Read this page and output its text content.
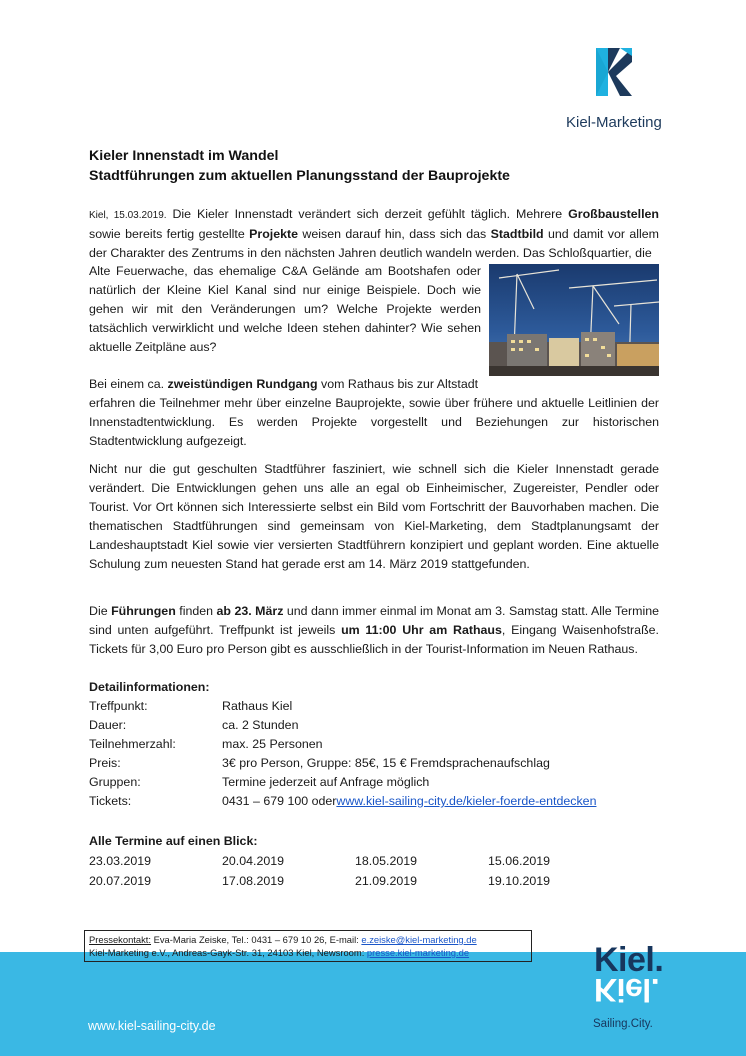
Kiel-Marketing
Kieler Innenstadt im Wandel
Stadtführungen zum aktuellen Planungsstand der Bauprojekte
Kiel, 15.03.2019. Die Kieler Innenstadt verändert sich derzeit gefühlt täglich. Mehrere Großbaustellen sowie bereits fertig gestellte Projekte weisen darauf hin, dass sich das Stadtbild und damit vor allem der Charakter des Zentrums in den nächsten Jahren deutlich wandeln werden. Das Schloßquartier, die
Alte Feuerwache, das ehemalige C&A Gelände am Bootshafen oder natürlich der Kleine Kiel Kanal sind nur einige Beispiele. Doch wie gehen wir mit den Veränderungen um? Welche Projekte werden tatsächlich verwirklicht und welche Ideen stehen dahinter? Wie sehen aktuelle Zeitpläne aus?
Bei einem ca. zweistündigen Rundgang vom Rathaus bis zur Altstadt
erfahren die Teilnehmer mehr über einzelne Bauprojekte, sowie über frühere und aktuelle Leitlinien der Innenstadtentwicklung. Es werden Projekte vorgestellt und Beziehungen zur historischen Stadtentwicklung aufgezeigt.
Nicht nur die gut geschulten Stadtführer fasziniert, wie schnell sich die Kieler Innenstadt gerade verändert. Die Entwicklungen gehen uns alle an egal ob Einheimischer, Zugereister, Pendler oder Tourist. Vor Ort können sich Interessierte selbst ein Bild vom Fortschritt der Bauvorhaben machen. Die thematischen Stadtführungen sind gemeinsam von Kiel-Marketing, dem Stadtplanungsamt der Landeshauptstadt Kiel sowie vier versierten Stadtführern konzipiert und geplant worden. Eine aktuelle Schulung zum neuesten Stand hat gerade erst am 14. März 2019 stattgefunden.
Die Führungen finden ab 23. März und dann immer einmal im Monat am 3. Samstag statt. Alle Termine sind unten aufgeführt. Treffpunkt ist jeweils um 11:00 Uhr am Rathaus, Eingang Waisenhofstraße. Tickets für 3,00 Euro pro Person gibt es ausschließlich in der Tourist-Information im Neuen Rathaus.
Detailinformationen:
Treffpunkt:	Rathaus Kiel
Dauer:	ca. 2 Stunden
Teilnehmerzahl:	max. 25 Personen
Preis:	3€ pro Person, Gruppe: 85€, 15 € Fremdsprachenaufschlag
Gruppen:	Termine jederzeit auf Anfrage möglich
Tickets:	0431 – 679 100 oder www.kiel-sailing-city.de/kieler-foerde-entdecken
Alle Termine auf einen Blick:
23.03.2019	20.04.2019	18.05.2019	15.06.2019
20.07.2019	17.08.2019	21.09.2019	19.10.2019
www.kiel-sailing-city.de
Pressekontakt: Eva-Maria Zeiske, Tel.: 0431 – 679 10 26, E-mail: e.zeiske@kiel-marketing.de
Kiel-Marketing e.V., Andreas-Gayk-Str. 31, 24103 Kiel, Newsroom: presse.kiel-marketing.de	Kiel.
Kiel.
Sailing.City.
